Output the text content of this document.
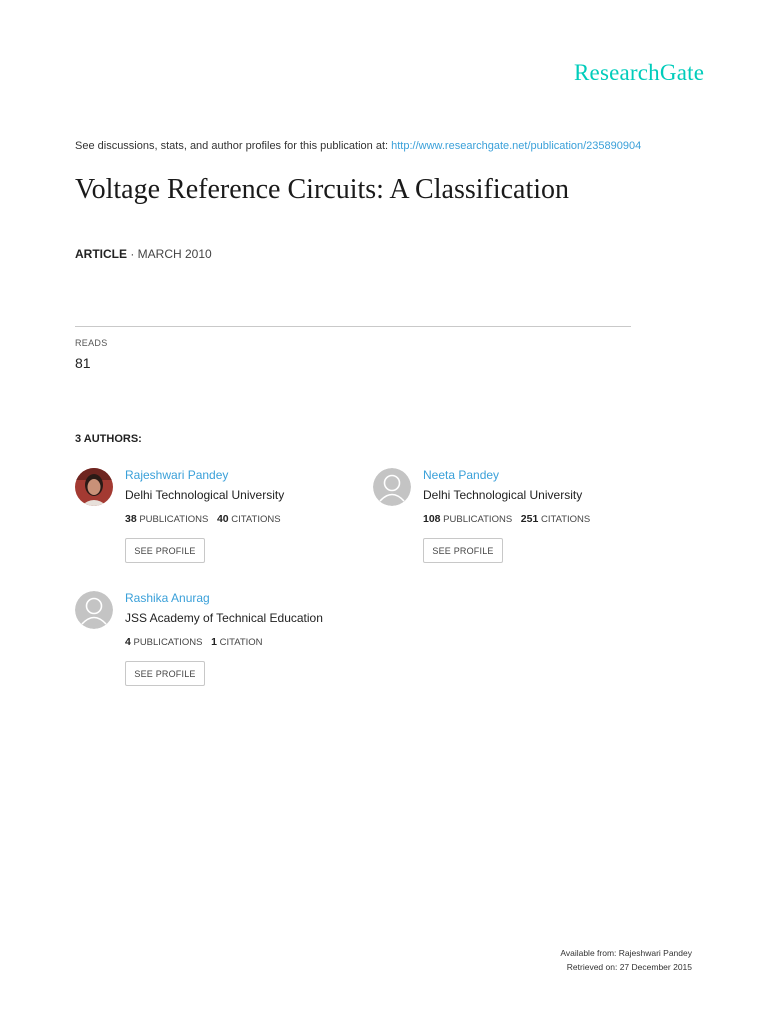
ResearchGate
See discussions, stats, and author profiles for this publication at: http://www.researchgate.net/publication/235890904
Voltage Reference Circuits: A Classification
ARTICLE · MARCH 2010
READS
81
3 AUTHORS:
Rajeshwari Pandey
Delhi Technological University
38 PUBLICATIONS 40 CITATIONS
SEE PROFILE
Neeta Pandey
Delhi Technological University
108 PUBLICATIONS 251 CITATIONS
SEE PROFILE
Rashika Anurag
JSS Academy of Technical Education
4 PUBLICATIONS 1 CITATION
SEE PROFILE
Available from: Rajeshwari Pandey
Retrieved on: 27 December 2015
